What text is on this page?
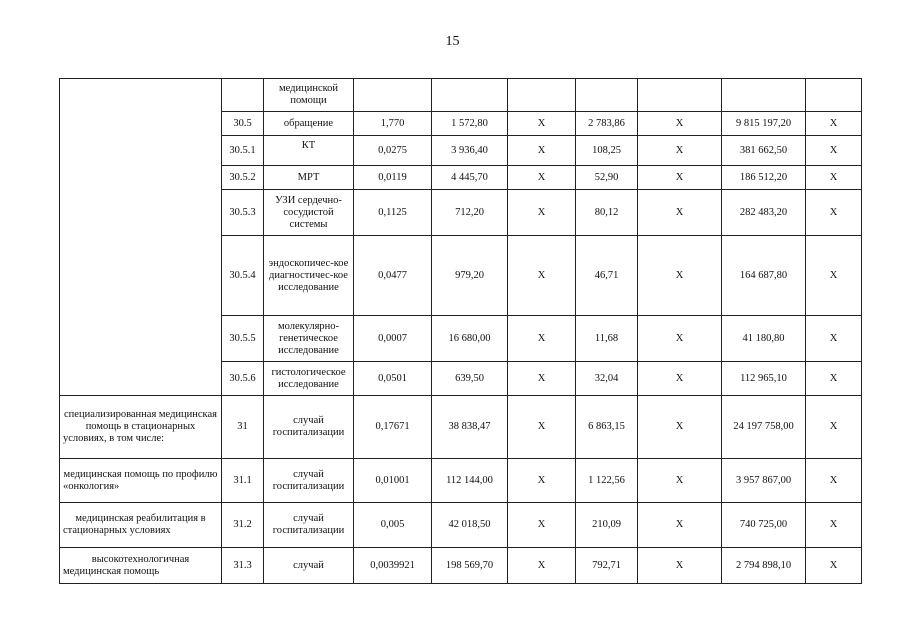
15
		медицинской помощи							
	30.5	обращение	1,770	1 572,80	X	2 783,86	X	9 815 197,20	X
	30.5.1	КТ	0,0275	3 936,40	X	108,25	X	381 662,50	X
	30.5.2	МРТ	0,0119	4 445,70	X	52,90	X	186 512,20	X
	30.5.3	УЗИ сердечно-сосудистой системы	0,1125	712,20	X	80,12	X	282 483,20	X
	30.5.4	эндоскопичес-кое диагностичес-кое исследование	0,0477	979,20	X	46,71	X	164 687,80	X
	30.5.5	молекулярно-генетическое исследование	0,0007	16 680,00	X	11,68	X	41 180,80	X
	30.5.6	гистологическое исследование	0,0501	639,50	X	32,04	X	112 965,10	X
специализированная медицинская помощь в стационарных условиях, в том числе:	31	случай госпитализации	0,17671	38 838,47	X	6 863,15	X	24 197 758,00	X
медицинская помощь по профилю «онкология»	31.1	случай госпитализации	0,01001	112 144,00	X	1 122,56	X	3 957 867,00	X
медицинская реабилитация в стационарных условиях	31.2	случай госпитализации	0,005	42 018,50	X	210,09	X	740 725,00	X
высокотехнологичная медицинская помощь	31.3	случай	0,0039921	198 569,70	X	792,71	X	2 794 898,10	X
